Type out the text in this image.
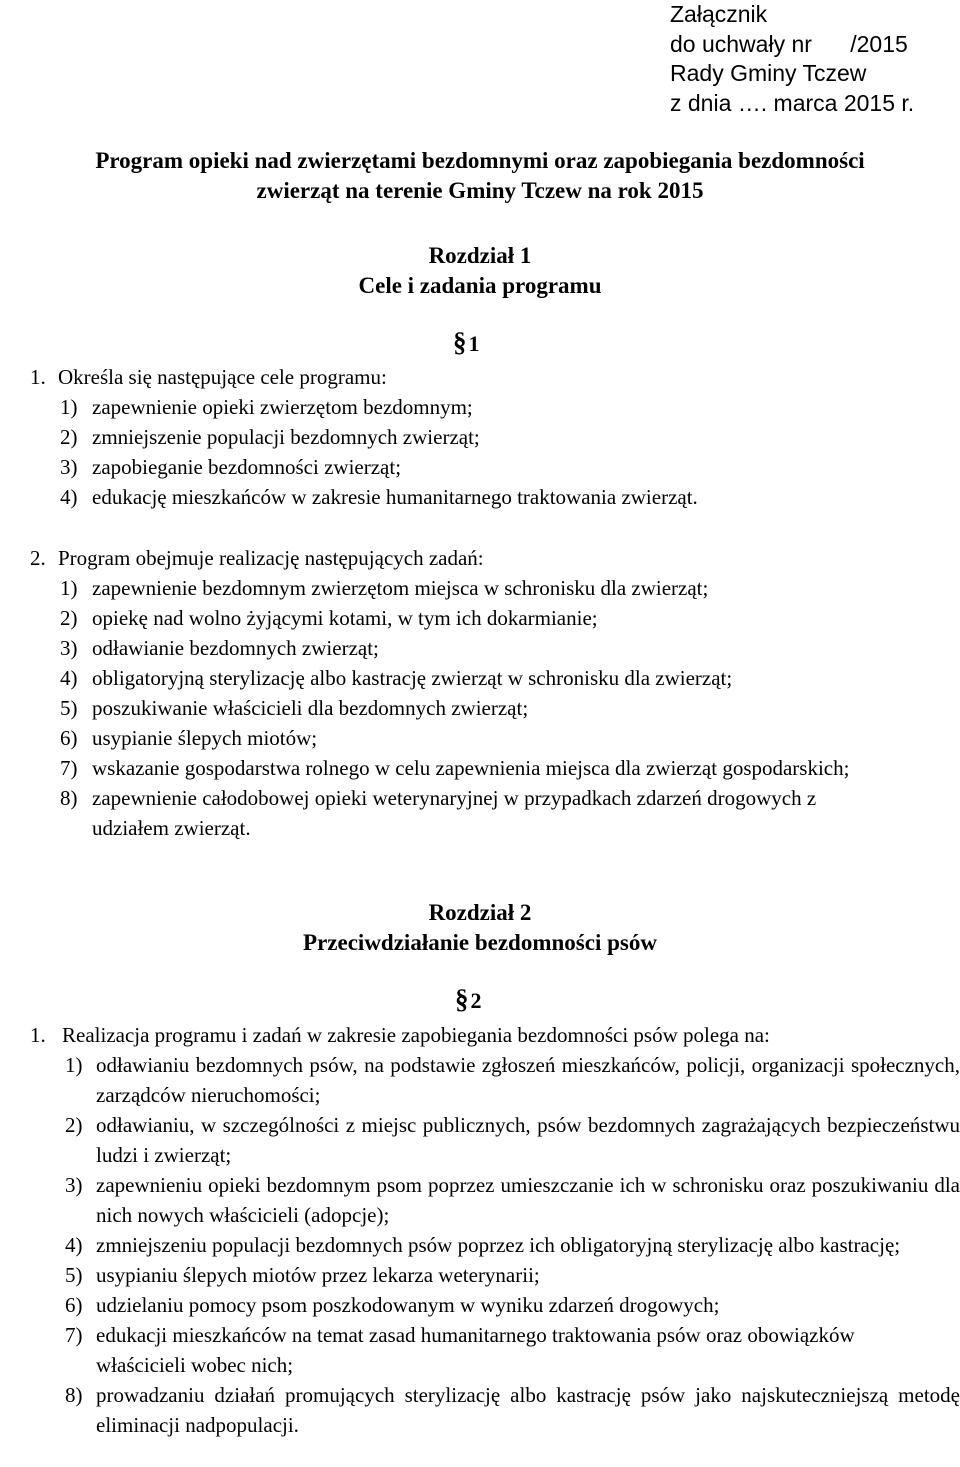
Załącznik
do uchwały nr      /2015
Rady Gminy Tczew
z dnia …. marca 2015 r.
Program opieki nad zwierzętami bezdomnymi oraz zapobiegania bezdomności
zwierząt na terenie Gminy Tczew na rok 2015
Rozdział 1
Cele i zadania programu
§1
1. Określa się następujące cele programu:
1) zapewnienie opieki zwierzętom bezdomnym;
2) zmniejszenie populacji bezdomnych zwierząt;
3) zapobieganie bezdomności zwierząt;
4) edukację mieszkańców w zakresie humanitarnego traktowania zwierząt.
2. Program obejmuje realizację następujących zadań:
1) zapewnienie bezdomnym zwierzętom miejsca w schronisku dla zwierząt;
2) opiekę nad wolno żyjącymi kotami, w tym ich dokarmianie;
3) odławianie bezdomnych zwierząt;
4) obligatoryjną sterylizację albo kastrację zwierząt w schronisku dla zwierząt;
5) poszukiwanie właścicieli dla bezdomnych zwierząt;
6) usypianie ślepych miotów;
7) wskazanie gospodarstwa rolnego w celu zapewnienia miejsca dla zwierząt gospodarskich;
8) zapewnienie całodobowej opieki weterynaryjnej w przypadkach zdarzeń drogowych z udziałem zwierząt.
Rozdział 2
Przeciwdziałanie bezdomności psów
§2
1. Realizacja programu i zadań w zakresie zapobiegania bezdomności psów polega na:
1) odławianiu bezdomnych psów, na podstawie zgłoszeń mieszkańców, policji, organizacji społecznych, zarządców nieruchomości;
2) odławianiu, w szczególności z miejsc publicznych, psów bezdomnych zagrażających bezpieczeństwu ludzi i zwierząt;
3) zapewnieniu opieki bezdomnym psom poprzez umieszczanie ich w schronisku oraz poszukiwaniu dla nich nowych właścicieli (adopcje);
4) zmniejszeniu populacji bezdomnych psów poprzez ich obligatoryjną sterylizację albo kastrację;
5) usypianiu ślepych miotów przez lekarza weterynarii;
6) udzielaniu pomocy psom poszkodowanym w wyniku zdarzeń drogowych;
7) edukacji mieszkańców na temat zasad humanitarnego traktowania psów oraz obowiązków właścicieli wobec nich;
8) prowadzaniu działań promujących sterylizację albo kastrację psów jako najskuteczniejszą metodę eliminacji nadpopulacji.
